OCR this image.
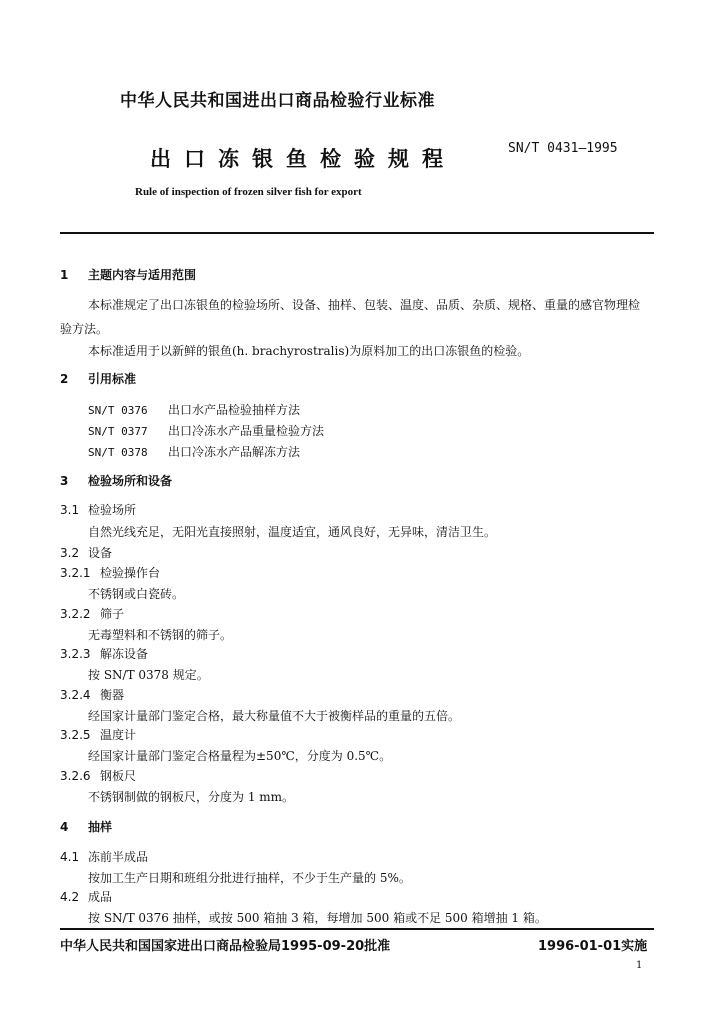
中华人民共和国进出口商品检验行业标准
出口冻银鱼检验规程	SN/T 0431—1995
Rule of inspection of frozen silver fish for export
1 主题内容与适用范围
本标准规定了出口冻银鱼的检验场所、设备、抽样、包装、温度、品质、杂质、规格、重量的感官物理检
验方法。
本标准适用于以新鲜的银鱼(h. brachyrostralis)为原料加工的出口冻银鱼的检验。
2 引用标准
SN/T 0376 出口水产品检验抽样方法
SN/T 0377 出口冷冻水产品重量检验方法
SN/T 0378 出口冷冻水产品解冻方法
3 检验场所和设备
3.1 检验场所
自然光线充足，无阳光直接照射，温度适宜，通风良好，无异味，清洁卫生。
3.2 设备
3.2.1 检验操作台
不锈钢或白瓷砖。
3.2.2 筛子
无毒塑料和不锈钢的筛子。
3.2.3 解冻设备
按 SN/T 0378 规定。
3.2.4 衡器
经国家计量部门鉴定合格，最大称量值不大于被衡样品的重量的五倍。
3.2.5 温度计
经国家计量部门鉴定合格量程为±50℃，分度为 0.5℃。
3.2.6 钢板尺
不锈钢制做的钢板尺，分度为 1 mm。
4 抽样
4.1 冻前半成品
按加工生产日期和班组分批进行抽样，不少于生产量的 5%。
4.2 成品
按 SN/T 0376 抽样，或按 500 箱抽 3 箱，每增加 500 箱或不足 500 箱增抽 1 箱。
中华人民共和国国家进出口商品检验局1995-09-20批准	1996-01-01实施
1
